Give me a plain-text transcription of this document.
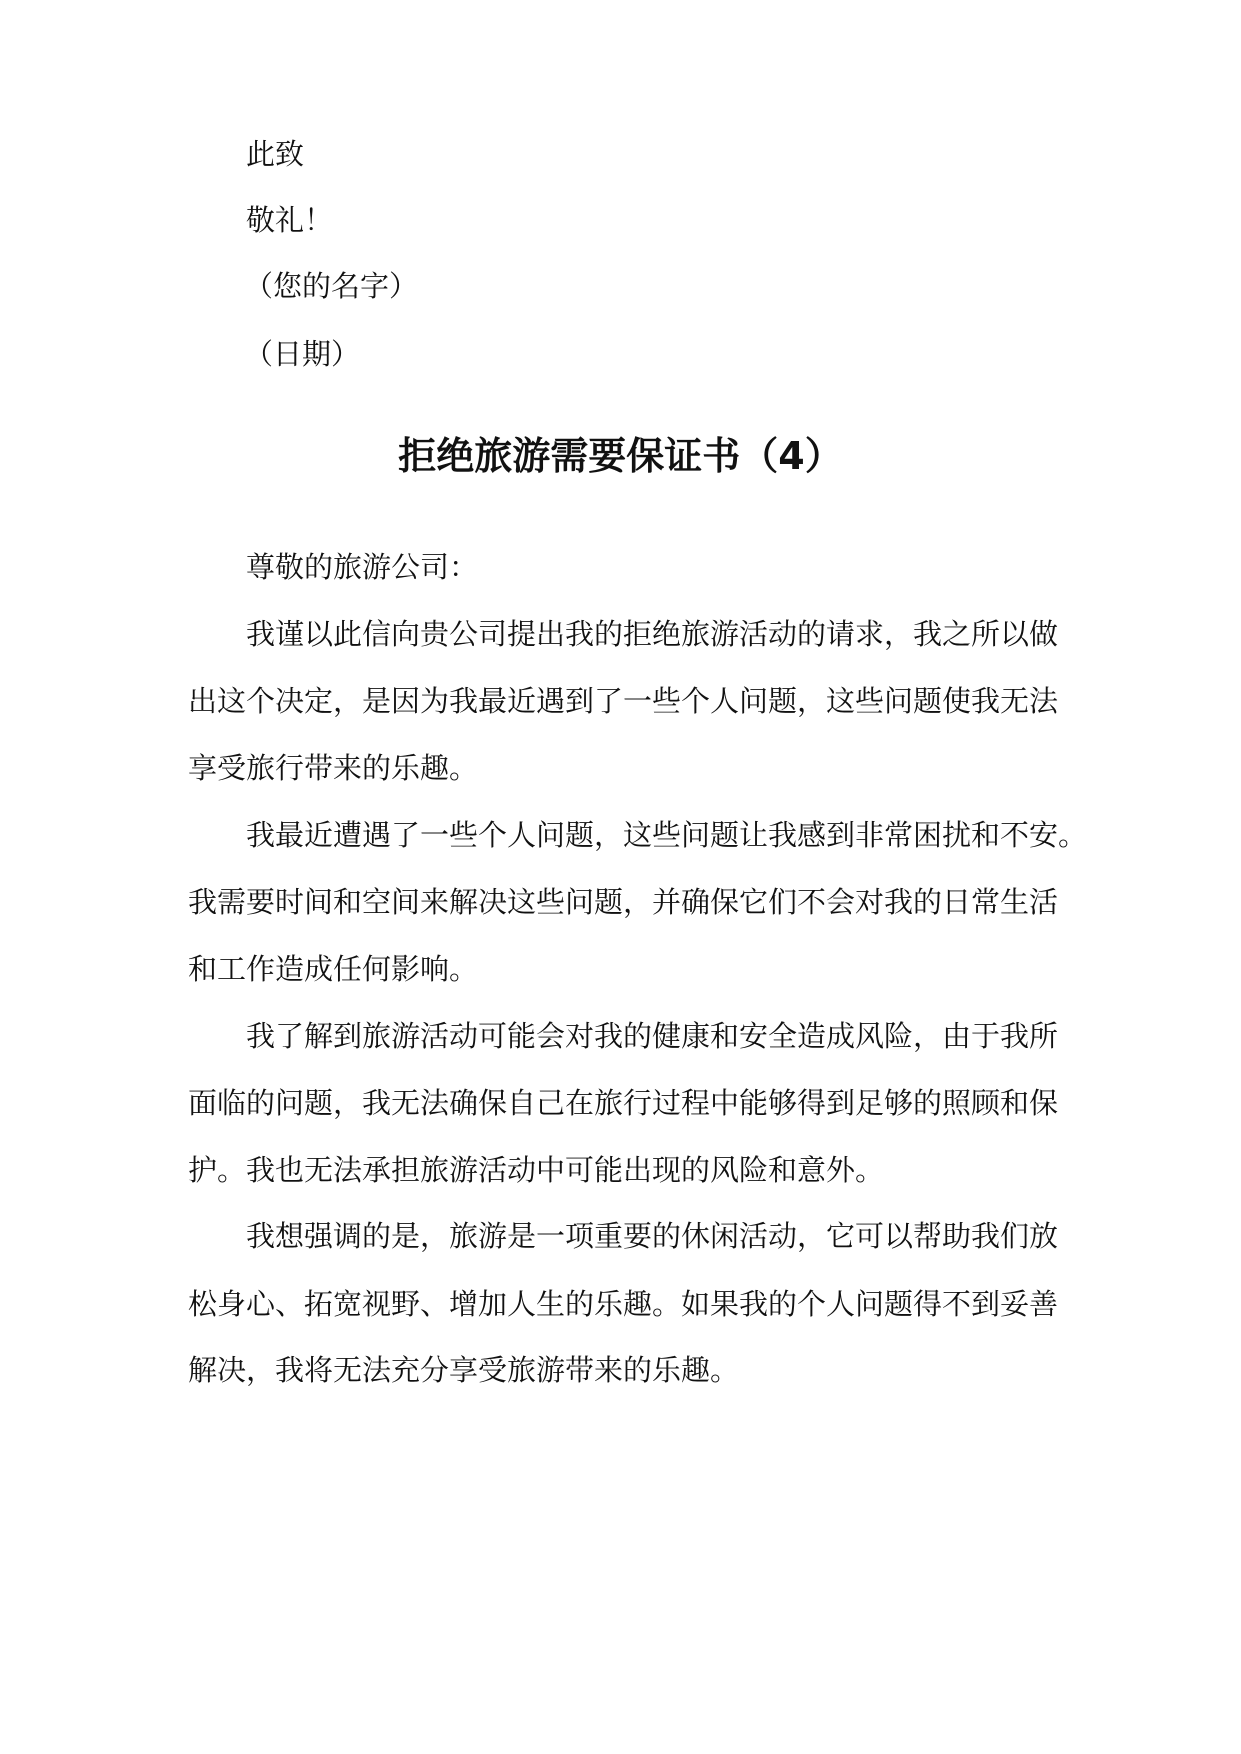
此致
敬礼！
（您的名字）
（日期）
拒绝旅游需要保证书（4）
尊敬的旅游公司：
我谨以此信向贵公司提出我的拒绝旅游活动的请求，我之所以做
出这个决定，是因为我最近遇到了一些个人问题，这些问题使我无法
享受旅行带来的乐趣。
我最近遭遇了一些个人问题，这些问题让我感到非常困扰和不安。
我需要时间和空间来解决这些问题，并确保它们不会对我的日常生活
和工作造成任何影响。
我了解到旅游活动可能会对我的健康和安全造成风险，由于我所
面临的问题，我无法确保自己在旅行过程中能够得到足够的照顾和保
护。我也无法承担旅游活动中可能出现的风险和意外。
我想强调的是，旅游是一项重要的休闲活动，它可以帮助我们放
松身心、拓宽视野、增加人生的乐趣。如果我的个人问题得不到妥善
解决，我将无法充分享受旅游带来的乐趣。
